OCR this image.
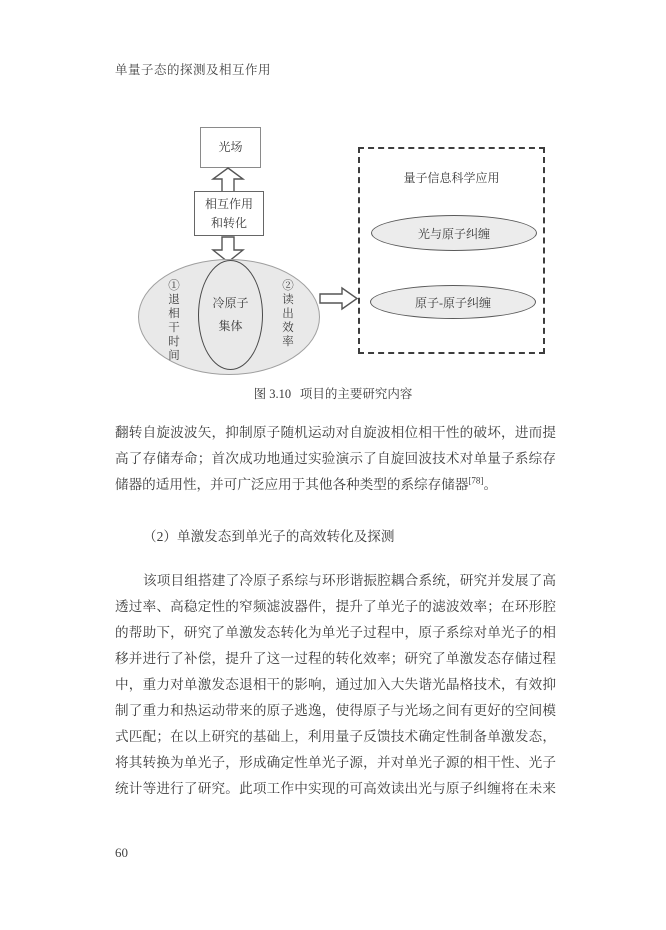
单量子态的探测及相互作用
光场
相互作用
和转化
冷原子
集体
①退相干时间	②读出效率
量子信息科学应用
光与原子纠缠
原子-原子纠缠
图 3.10 项目的主要研究内容
翻转自旋波波矢，抑制原子随机运动对自旋波相位相干性的破坏，进而提
高了存储寿命；首次成功地通过实验演示了自旋回波技术对单量子系综存
储器的适用性，并可广泛应用于其他各种类型的系综存储器[78]。
（2）单激发态到单光子的高效转化及探测
该项目组搭建了冷原子系综与环形谐振腔耦合系统，研究并发展了高
透过率、高稳定性的窄频滤波器件，提升了单光子的滤波效率；在环形腔
的帮助下，研究了单激发态转化为单光子过程中，原子系综对单光子的相
移并进行了补偿，提升了这一过程的转化效率；研究了单激发态存储过程
中，重力对单激发态退相干的影响，通过加入大失谐光晶格技术，有效抑
制了重力和热运动带来的原子逃逸，使得原子与光场之间有更好的空间模
式匹配；在以上研究的基础上，利用量子反馈技术确定性制备单激发态，
将其转换为单光子，形成确定性单光子源，并对单光子源的相干性、光子
统计等进行了研究。此项工作中实现的可高效读出光与原子纠缠将在未来
60
